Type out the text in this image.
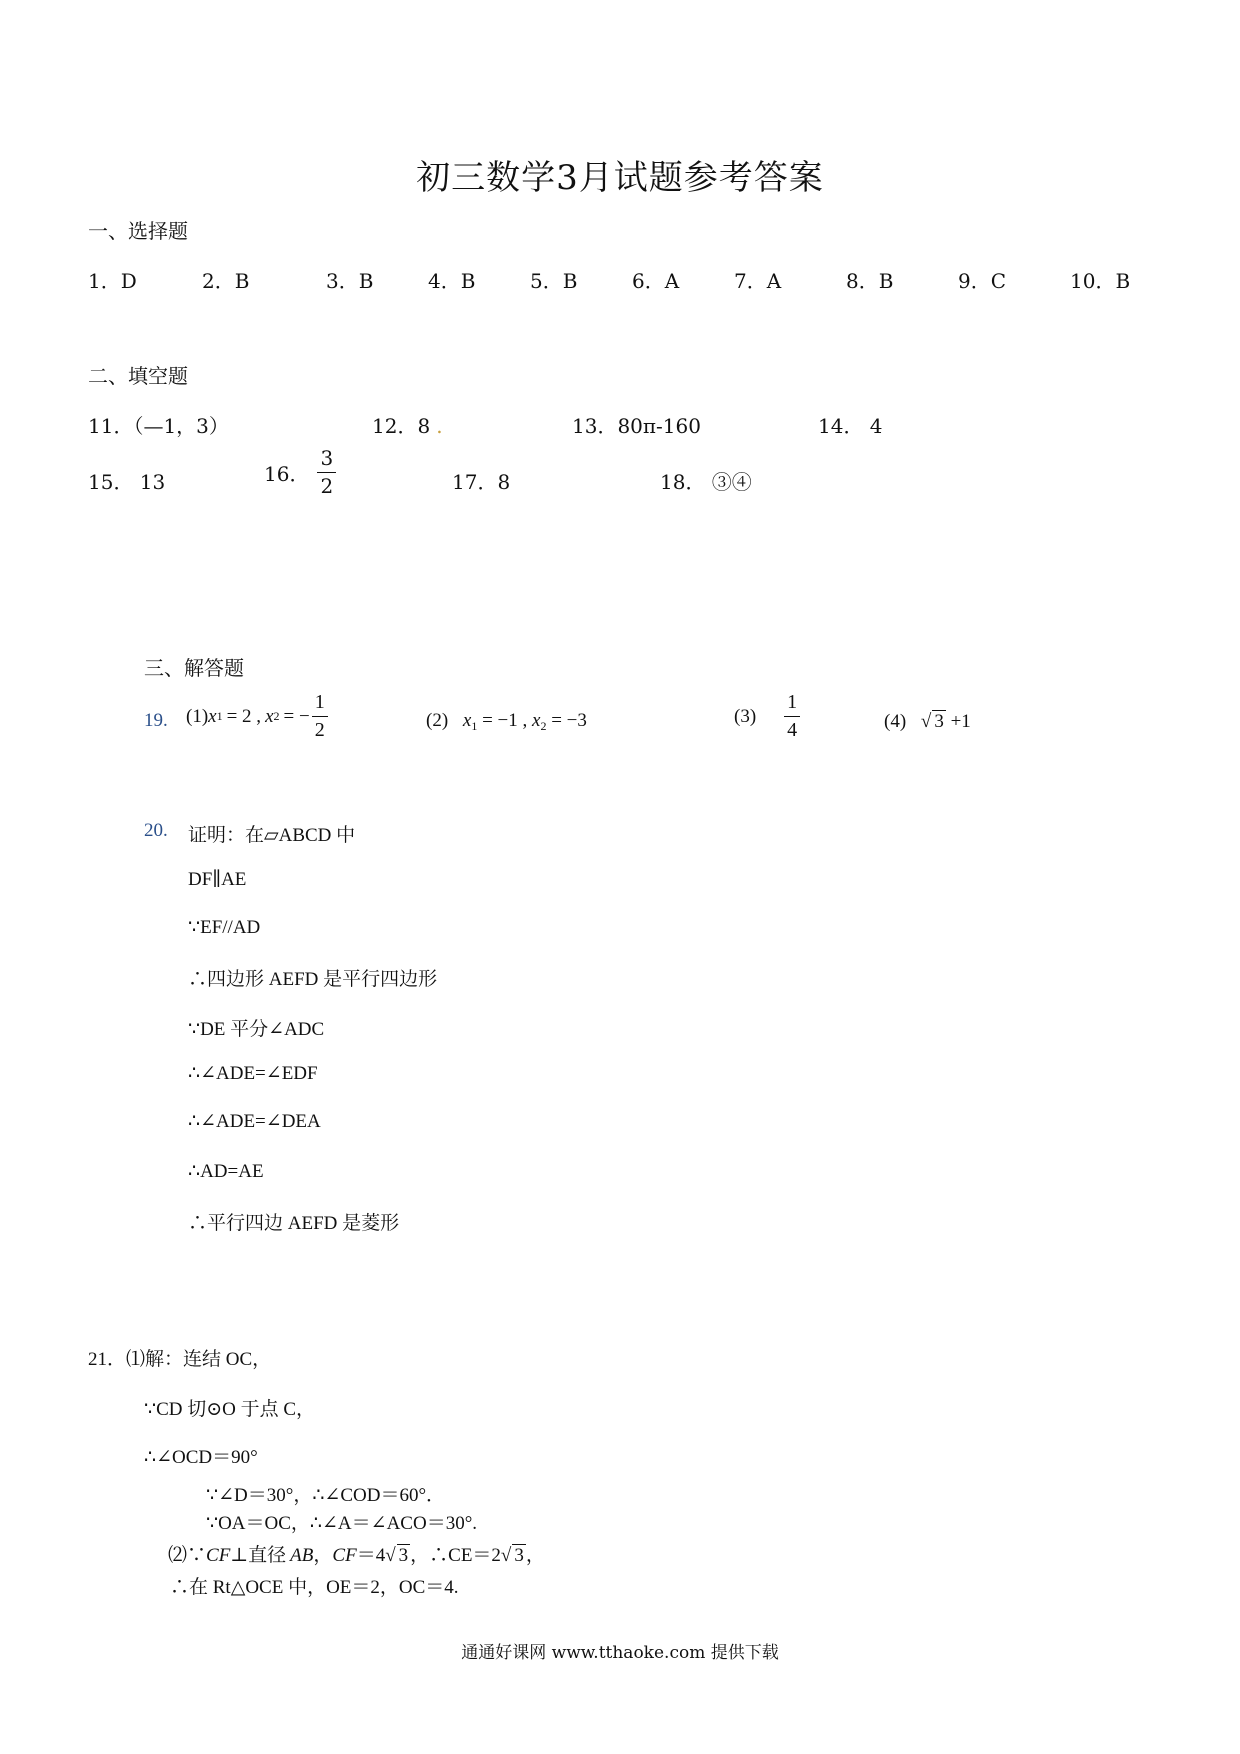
初三数学3月试题参考答案
一、选择题
1．D	2．B	3．B	4．B	5．B	6．A	7．A	8．B	9．C	10．B
二、填空题
11．（—1，3）	12．8 .	13．80π-160	14． 4
15． 13	16． $\frac{3}{2}$	17．8	18． ③④
三、解答题
19. (1) x 1 = 2 , x 2 = − $\frac{1}{2}$	(2) $x_1 = -1$ , $x_2 = -3$	$(3) \frac{1}{4}$	(4) √ 3 +1
20. 证明：在▱ABCD 中
DF∥AE
∵EF//AD
∴四边形 AEFD 是平行四边形
∵DE 平分∠ADC
∴∠ADE=∠EDF
∴∠ADE=∠DEA
∴AD=AE
∴平行四边 AEFD 是菱形
21．⑴解：连结 OC，
∵CD 切⊙O 于点 C，
∴∠OCD＝90°
∵∠D＝30°，∴∠COD＝60°．
∵OA＝OC，∴∠A＝∠ACO＝30°.
⑵∵CF⊥直径 AB，CF＝4√ 3 ，∴CE＝2√ 3 ，
∴在 Rt△OCE 中，OE＝2，OC＝4.
通通好课网 www.tthaoke.com 提供下载
